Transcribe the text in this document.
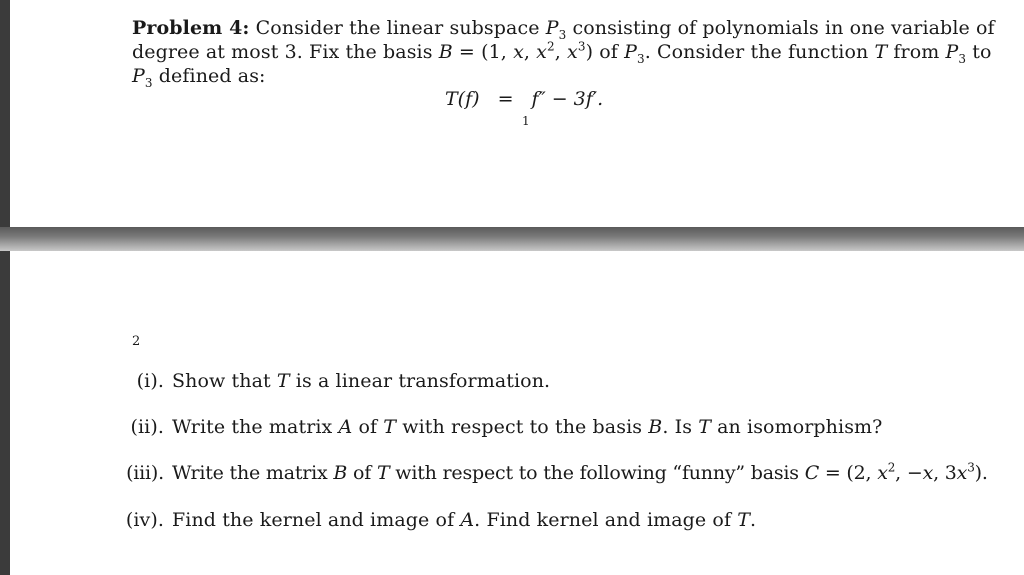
Problem 4: Consider the linear subspace $P_3$ consisting of polynomials in one variable of
degree at most 3. Fix the basis B = (1, x, $x^2$, $x^3$) of $P_3$. Consider the function T from $P_3$ to
$P_3$ defined as:
T(f) = f″ − 3f′.
1
2
(i). Show that T is a linear transformation.
(ii). Write the matrix A of T with respect to the basis B. Is T an isomorphism?
(iii). Write the matrix B of T with respect to the following “funny” basis C = (2, $x^2$, −x, $3x^3$).
(iv). Find the kernel and image of A. Find kernel and image of T.
